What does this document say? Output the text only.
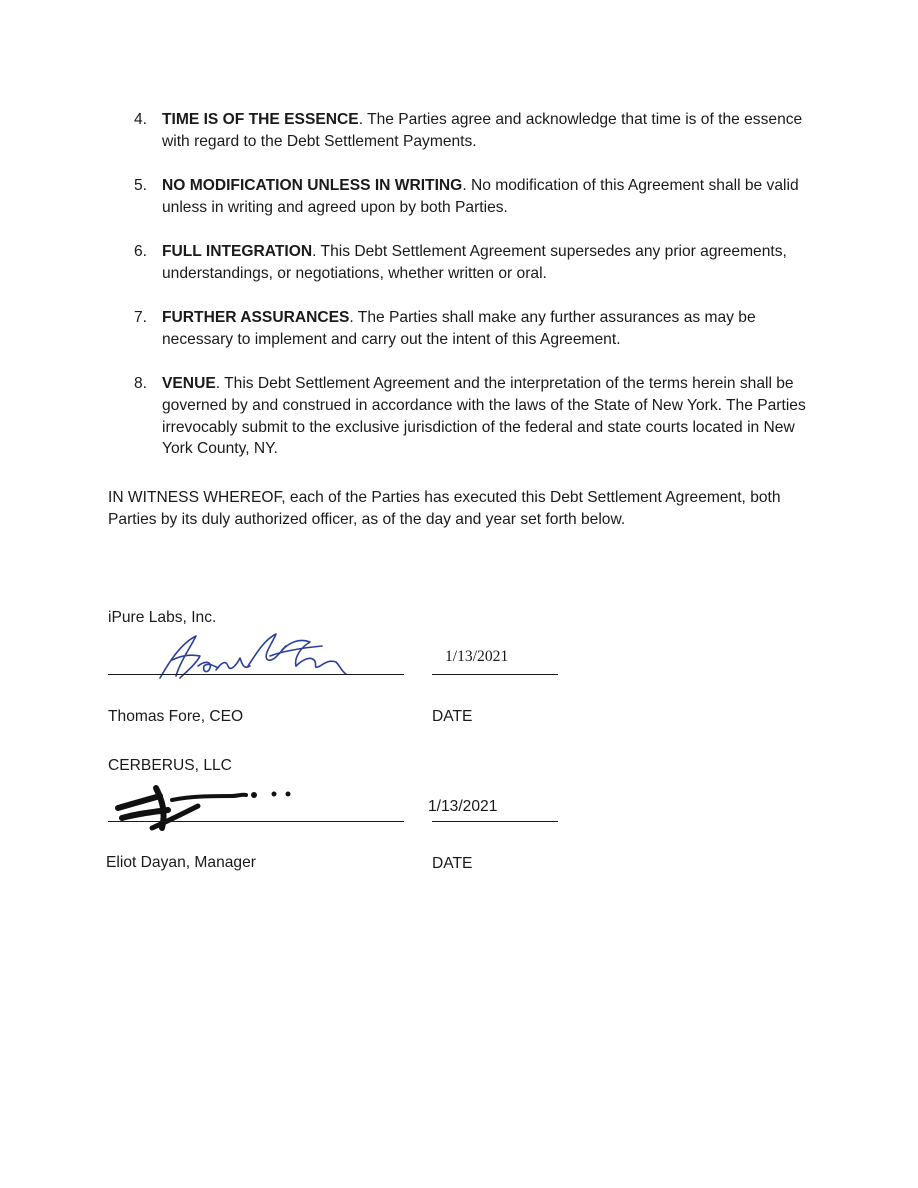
4. TIME IS OF THE ESSENCE. The Parties agree and acknowledge that time is of the essence with regard to the Debt Settlement Payments.
5. NO MODIFICATION UNLESS IN WRITING. No modification of this Agreement shall be valid unless in writing and agreed upon by both Parties.
6. FULL INTEGRATION. This Debt Settlement Agreement supersedes any prior agreements, understandings, or negotiations, whether written or oral.
7. FURTHER ASSURANCES. The Parties shall make any further assurances as may be necessary to implement and carry out the intent of this Agreement.
8. VENUE. This Debt Settlement Agreement and the interpretation of the terms herein shall be governed by and construed in accordance with the laws of the State of New York. The Parties irrevocably submit to the exclusive jurisdiction of the federal and state courts located in New York County, NY.
IN WITNESS WHEREOF, each of the Parties has executed this Debt Settlement Agreement, both Parties by its duly authorized officer, as of the day and year set forth below.
iPure Labs, Inc.
1/13/2021
Thomas Fore, CEO	DATE
CERBERUS, LLC
1/13/2021
Eliot Dayan, Manager	DATE
